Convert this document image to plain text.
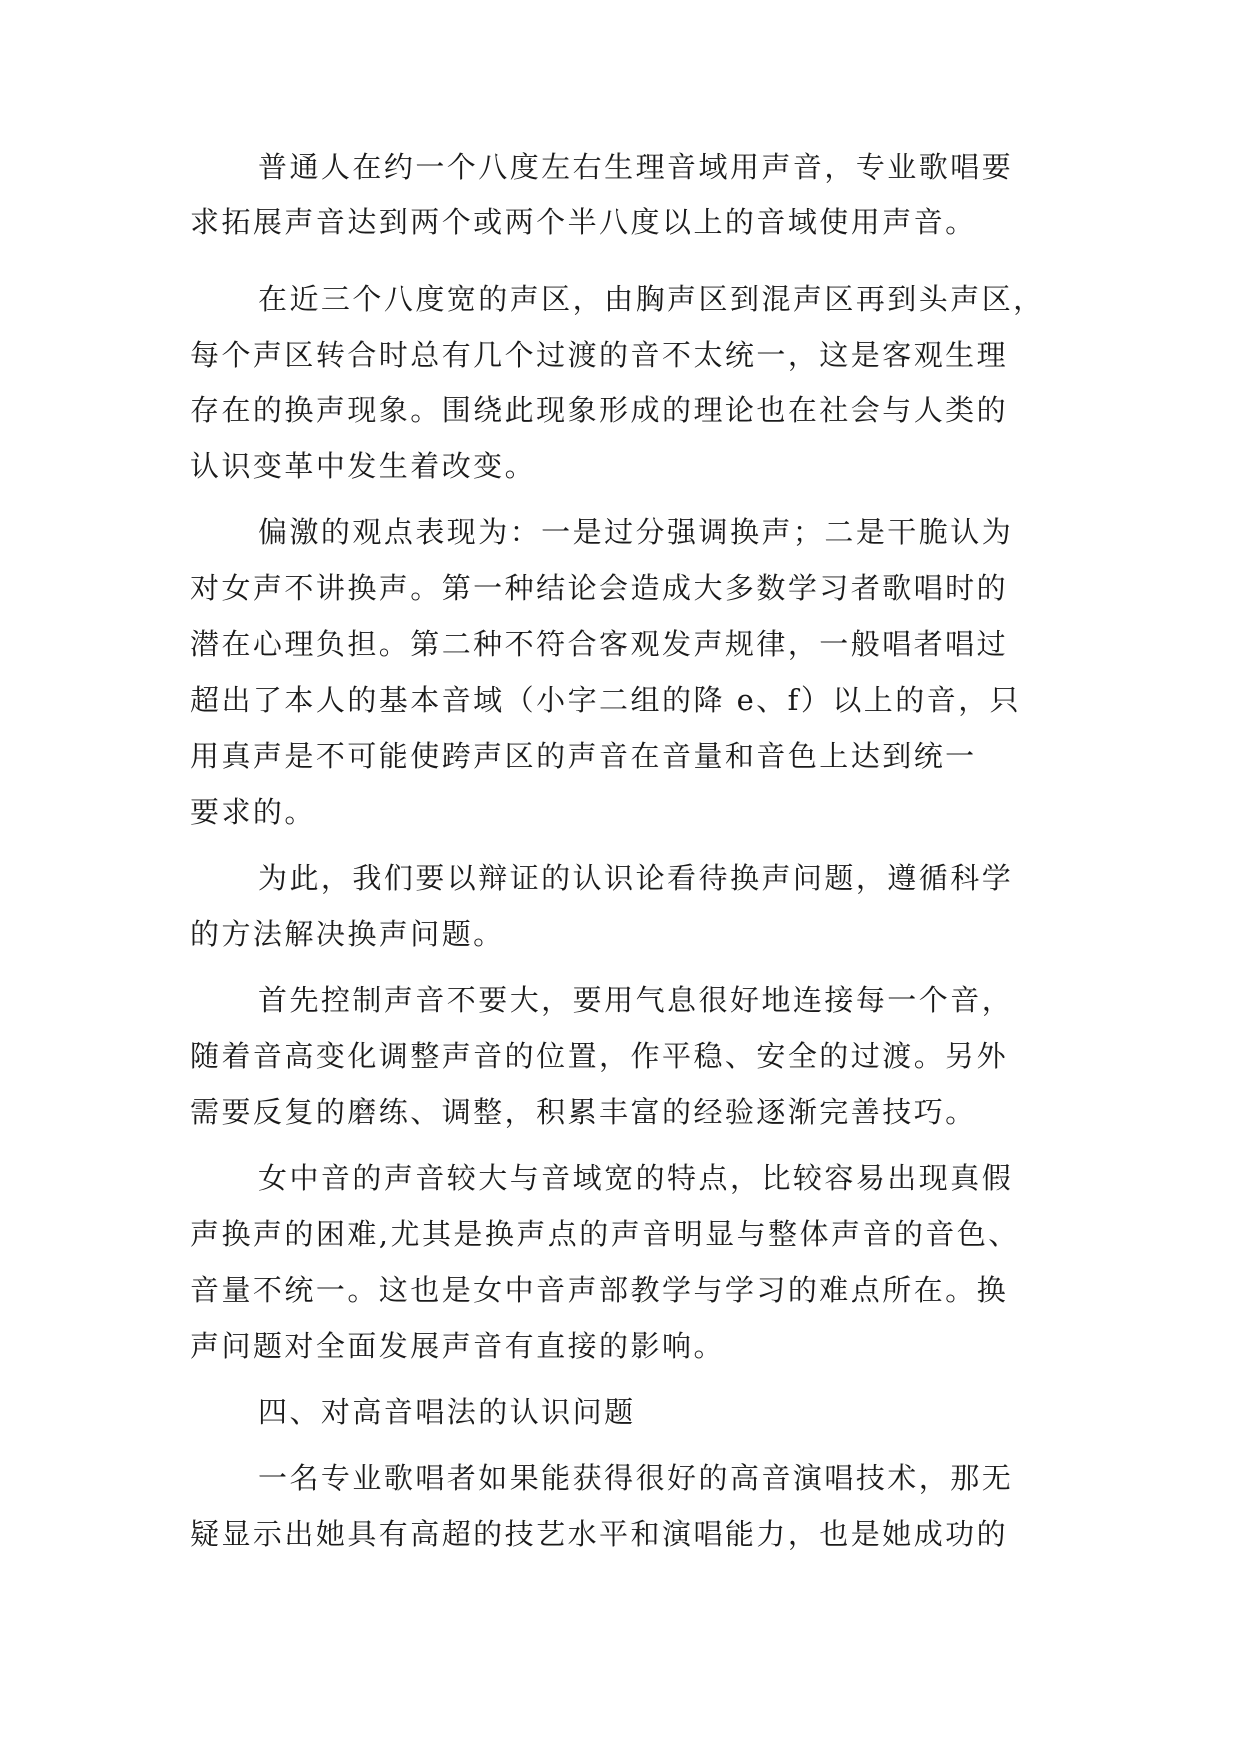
普通人在约一个八度左右生理音域用声音，专业歌唱要
求拓展声音达到两个或两个半八度以上的音域使用声音。
在近三个八度宽的声区，由胸声区到混声区再到头声区，
每个声区转合时总有几个过渡的音不太统一，这是客观生理
存在的换声现象。围绕此现象形成的理论也在社会与人类的
认识变革中发生着改变。
偏激的观点表现为：一是过分强调换声；二是干脆认为
对女声不讲换声。第一种结论会造成大多数学习者歌唱时的
潜在心理负担。第二种不符合客观发声规律，一般唱者唱过
超出了本人的基本音域（小字二组的降 e、f）以上的音，只
用真声是不可能使跨声区的声音在音量和音色上达到统一
要求的。
为此，我们要以辩证的认识论看待换声问题，遵循科学
的方法解决换声问题。
首先控制声音不要大，要用气息很好地连接每一个音，
随着音高变化调整声音的位置，作平稳、安全的过渡。另外
需要反复的磨练、调整，积累丰富的经验逐渐完善技巧。
女中音的声音较大与音域宽的特点，比较容易出现真假
声换声的困难,尤其是换声点的声音明显与整体声音的音色、
音量不统一。这也是女中音声部教学与学习的难点所在。换
声问题对全面发展声音有直接的影响。
四、对高音唱法的认识问题
一名专业歌唱者如果能获得很好的高音演唱技术，那无
疑显示出她具有高超的技艺水平和演唱能力，也是她成功的
